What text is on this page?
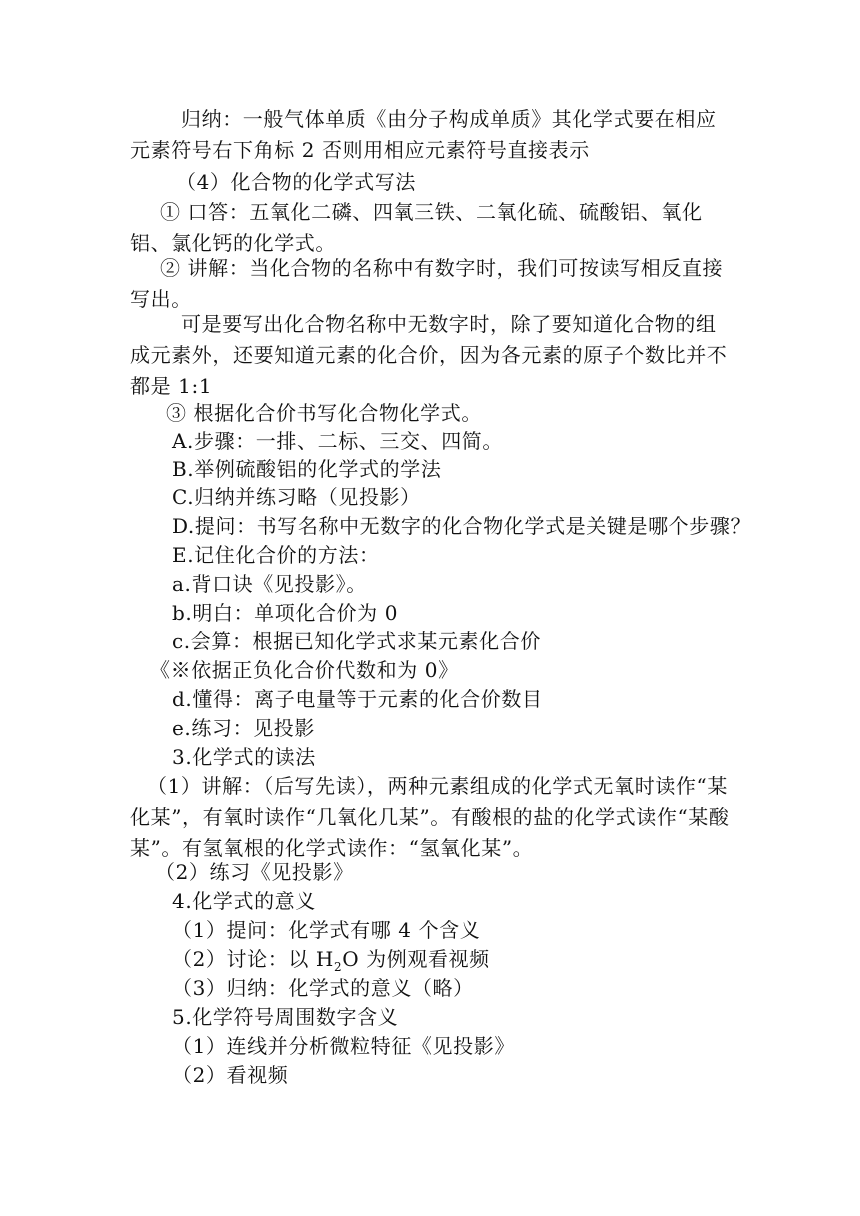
归纳：一般气体单质《由分子构成单质》其化学式要在相应元素符号右下角标 2 否则用相应元素符号直接表示

（4）化合物的化学式写法

① 口答：五氧化二磷、四氧三铁、二氧化硫、硫酸铝、氧化铝、氯化钙的化学式。

② 讲解：当化合物的名称中有数字时，我们可按读写相反直接写出。

可是要写出化合物名称中无数字时，除了要知道化合物的组成元素外，还要知道元素的化合价，因为各元素的原子个数比并不都是 1:1

③ 根据化合价书写化合物化学式。
A.步骤：一排、二标、三交、四简。
B.举例硫酸铝的化学式的学法
C.归纳并练习略（见投影）
D.提问：书写名称中无数字的化合物化学式是关键是哪个步骤？
E.记住化合价的方法：
a.背口诀《见投影》。
b.明白：单项化合价为 0
c.会算：根据已知化学式求某元素化合价
《※依据正负化合价代数和为 0》
d.懂得：离子电量等于元素的化合价数目
e.练习：见投影
3.化学式的读法

（1）讲解：（后写先读），两种元素组成的化学式无氧时读作“某化某”，有氧时读作“几氧化几某”。有酸根的盐的化学式读作“某酸某”。有氢氧根的化学式读作：“氢氧化某”。

（2）练习《见投影》
4.化学式的意义
（1）提问：化学式有哪 4 个含义
（2）讨论：以 $H_2O$ 为例观看视频
（3）归纳：化学式的意义（略）
5.化学符号周围数字含义
（1）连线并分析微粒特征《见投影》
（2）看视频
